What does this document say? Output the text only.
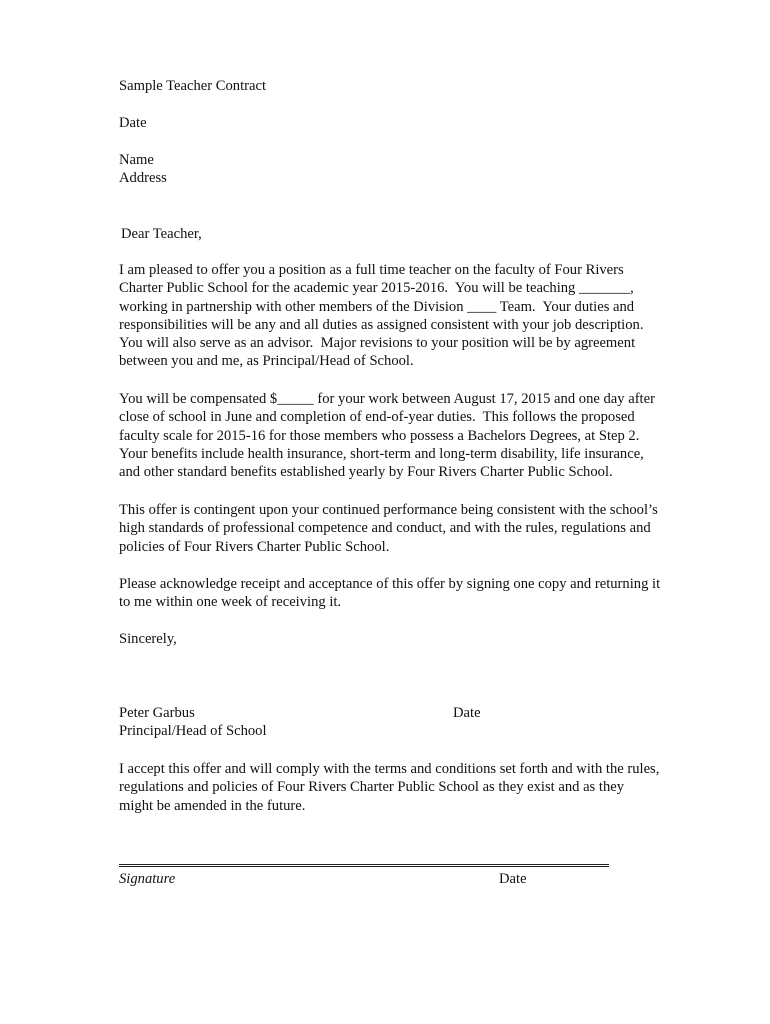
Sample Teacher Contract
Date
Name
Address
Dear Teacher,
I am pleased to offer you a position as a full time teacher on the faculty of Four Rivers
Charter Public School for the academic year 2015-2016.  You will be teaching _______,
working in partnership with other members of the Division ____ Team.  Your duties and
responsibilities will be any and all duties as assigned consistent with your job description.
You will also serve as an advisor.  Major revisions to your position will be by agreement
between you and me, as Principal/Head of School.
You will be compensated $_____ for your work between August 17, 2015 and one day after
close of school in June and completion of end-of-year duties.  This follows the proposed
faculty scale for 2015-16 for those members who possess a Bachelors Degrees, at Step 2.
Your benefits include health insurance, short-term and long-term disability, life insurance,
and other standard benefits established yearly by Four Rivers Charter Public School.
This offer is contingent upon your continued performance being consistent with the school’s
high standards of professional competence and conduct, and with the rules, regulations and
policies of Four Rivers Charter Public School.
Please acknowledge receipt and acceptance of this offer by signing one copy and returning it
to me within one week of receiving it.
Sincerely,
Peter Garbus	Date
Principal/Head of School
I accept this offer and will comply with the terms and conditions set forth and with the rules,
regulations and policies of Four Rivers Charter Public School as they exist and as they
might be amended in the future.
Signature	Date
